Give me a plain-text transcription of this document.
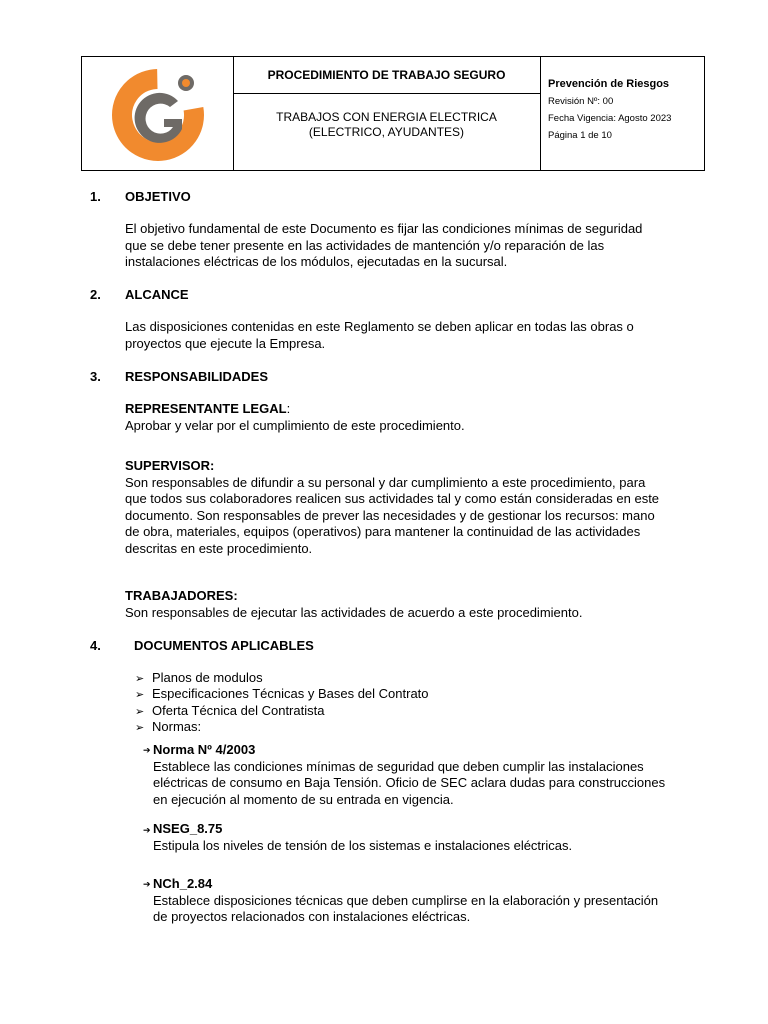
PROCEDIMIENTO DE TRABAJO SEGURO
TRABAJOS CON ENERGIA ELECTRICA
(ELECTRICO, AYUDANTES)
Prevención de Riesgos
Revisión Nº: 00
Fecha Vigencia: Agosto 2023
Página 1 de 10
1. OBJETIVO
El objetivo fundamental de este Documento es fijar las condiciones mínimas de seguridad
que se debe tener presente en las actividades de mantención y/o reparación de las
instalaciones eléctricas de los módulos, ejecutadas en la sucursal.
2. ALCANCE
Las disposiciones contenidas en este Reglamento se deben aplicar en todas las obras o
proyectos que ejecute la Empresa.
3. RESPONSABILIDADES
REPRESENTANTE LEGAL:
Aprobar y velar por el cumplimiento de este procedimiento.
SUPERVISOR:
Son responsables de difundir a su personal y dar cumplimiento a este procedimiento, para
que todos sus colaboradores realicen sus actividades tal y como están consideradas en este
documento. Son responsables de prever las necesidades y de gestionar los recursos: mano
de obra, materiales, equipos (operativos) para mantener la continuidad de las actividades
descritas en este procedimiento.
TRABAJADORES:
Son responsables de ejecutar las actividades de acuerdo a este procedimiento.
4.	DOCUMENTOS APLICABLES
➢ Planos de modulos
➢ Especificaciones Técnicas y Bases del Contrato
➢ Oferta Técnica del Contratista
➢ Normas:
➔ Norma Nº 4/2003
Establece las condiciones mínimas de seguridad que deben cumplir las instalaciones
eléctricas de consumo en Baja Tensión. Oficio de SEC aclara dudas para construcciones
en ejecución al momento de su entrada en vigencia.
➔ NSEG_8.75
Estipula los niveles de tensión de los sistemas e instalaciones eléctricas.
➔ NCh_2.84
Establece disposiciones técnicas que deben cumplirse en la elaboración y presentación
de proyectos relacionados con instalaciones eléctricas.
